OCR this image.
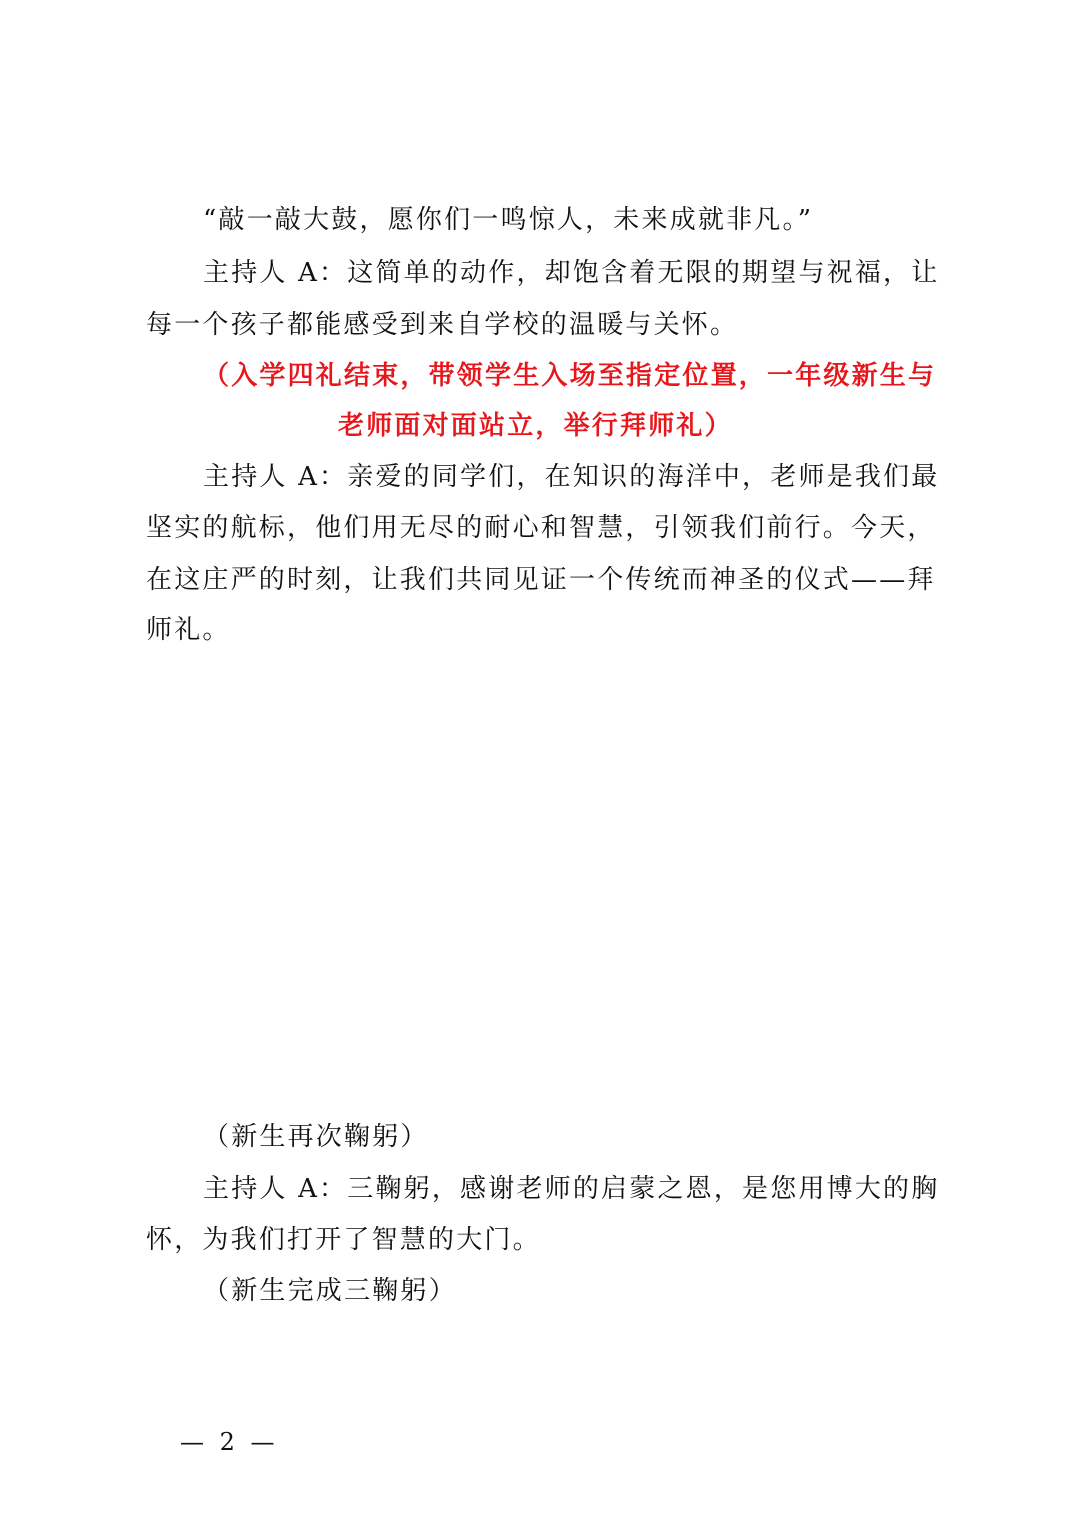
“敲一敲大鼓，愿你们一鸣惊人，未来成就非凡。”
主持人 A：这简单的动作，却饱含着无限的期望与祝福，让
每一个孩子都能感受到来自学校的温暖与关怀。
（入学四礼结束，带领学生入场至指定位置，一年级新生与
老师面对面站立，举行拜师礼）
主持人 A：亲爱的同学们，在知识的海洋中，老师是我们最
坚实的航标，他们用无尽的耐心和智慧，引领我们前行。今天，
在这庄严的时刻，让我们共同见证一个传统而神圣的仪式——拜
师礼。
（新生再次鞠躬）
主持人 A：三鞠躬，感谢老师的启蒙之恩，是您用博大的胸
怀，为我们打开了智慧的大门。
（新生完成三鞠躬）
— 2 —
